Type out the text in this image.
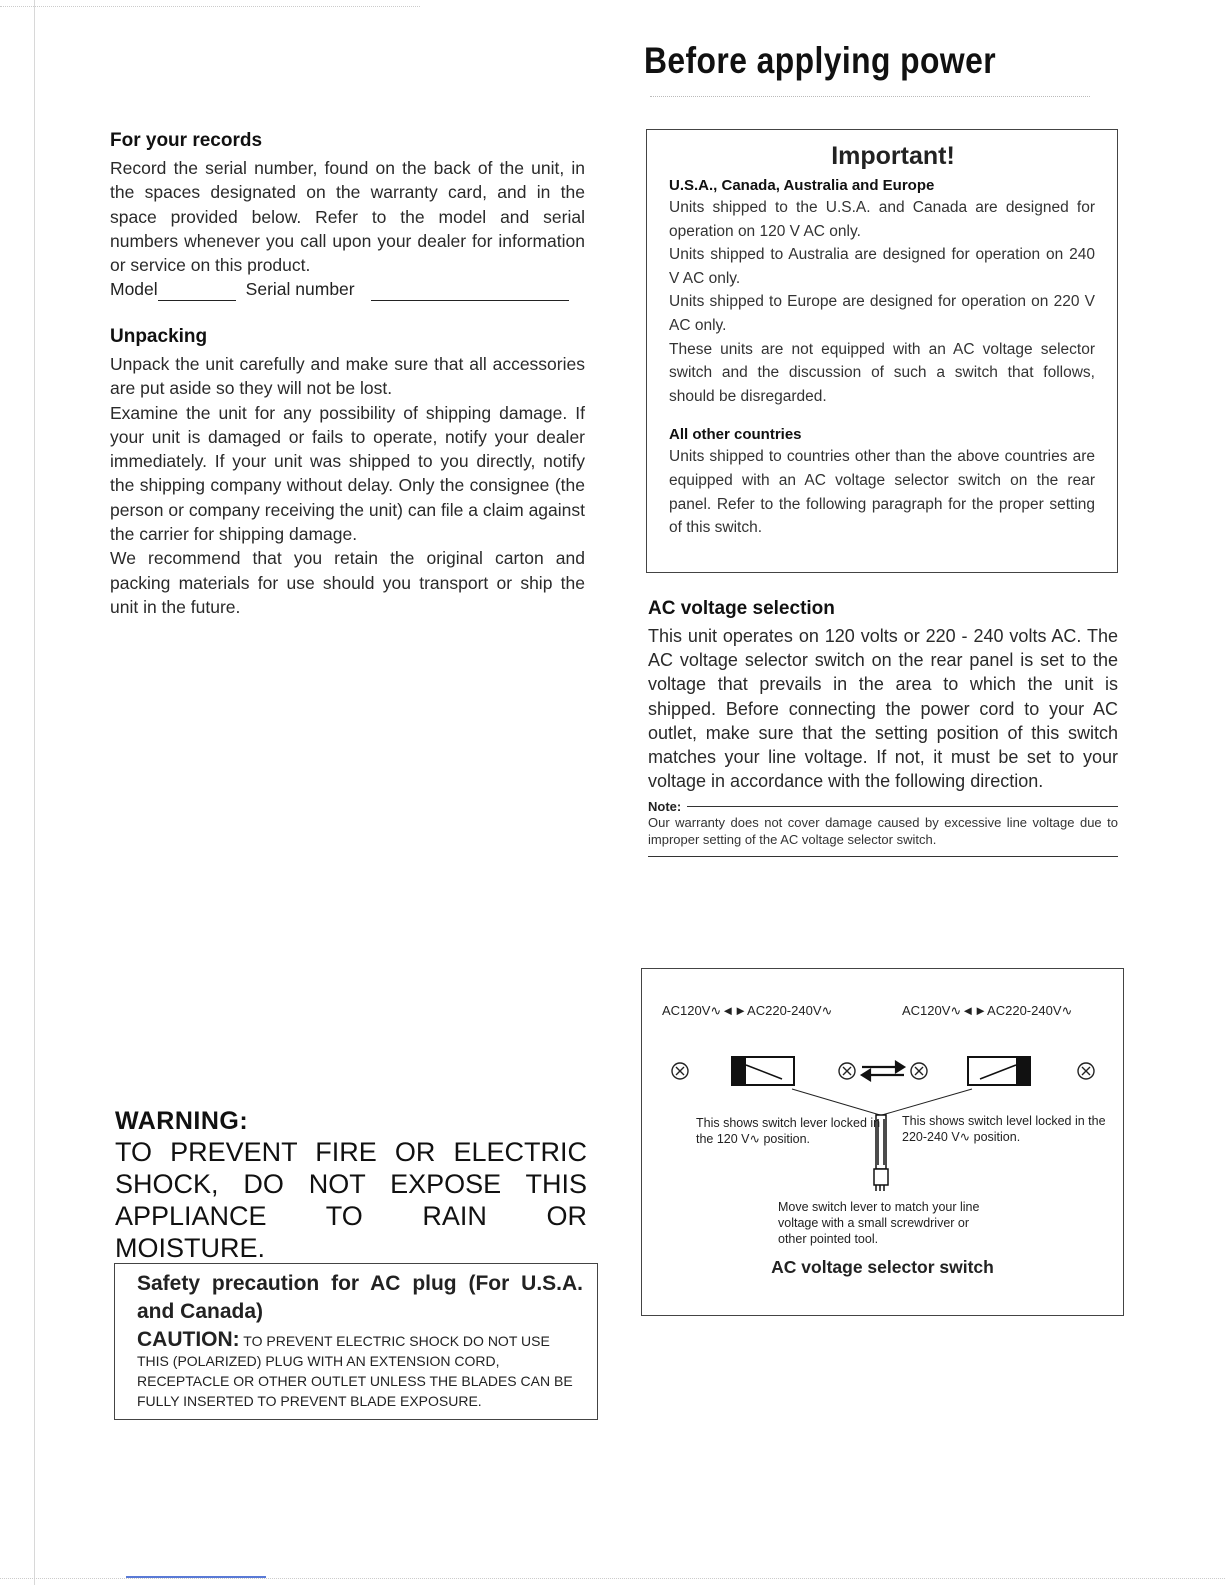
Before applying power
For your records

Record the serial number, found on the back of the unit, in the spaces designated on the warranty card, and in the space provided below. Refer to the model and serial numbers whenever you call upon your dealer for information or service on this product.

Model	Serial number
Unpacking

Unpack the unit carefully and make sure that all accessories are put aside so they will not be lost.

Examine the unit for any possibility of shipping damage. If your unit is damaged or fails to operate, notify your dealer immediately. If your unit was shipped to you directly, notify the shipping company without delay. Only the consignee (the person or company receiving the unit) can file a claim against the carrier for shipping damage.

We recommend that you retain the original carton and packing materials for use should you transport or ship the unit in the future.

WARNING:
TO PREVENT FIRE OR ELECTRIC SHOCK, DO NOT EXPOSE THIS APPLIANCE TO RAIN OR MOISTURE.
Safety precaution for AC plug (For U.S.A. and Canada)
CAUTION: TO PREVENT ELECTRIC SHOCK DO NOT USE THIS (POLARIZED) PLUG WITH AN EXTENSION CORD, RECEPTACLE OR OTHER OUTLET UNLESS THE BLADES CAN BE FULLY INSERTED TO PREVENT BLADE EXPOSURE.
Important!
U.S.A., Canada, Australia and Europe

Units shipped to the U.S.A. and Canada are designed for operation on 120 V AC only.

Units shipped to Australia are designed for operation on 240 V AC only.

Units shipped to Europe are designed for operation on 220 V AC only.

These units are not equipped with an AC voltage selector switch and the discussion of such a switch that follows, should be disregarded.

All other countries

Units shipped to countries other than the above countries are equipped with an AC voltage selector switch on the rear panel. Refer to the following paragraph for the proper setting of this switch.

AC voltage selection

This unit operates on 120 volts or 220 - 240 volts AC. The AC voltage selector switch on the rear panel is set to the voltage that prevails in the area to which the unit is shipped. Before connecting the power cord to your AC outlet, make sure that the setting position of this switch matches your line voltage. If not, it must be set to your voltage in accordance with the following direction.

Note:
Our warranty does not cover damage caused by excessive line voltage due to improper setting of the AC voltage selector switch.
AC120V∿◄►AC220-240V∿	AC120V∿◄►AC220-240V∿
This shows switch lever locked in the 120 V∿ position.
This shows switch level locked in the 220-240 V∿ position.
Move switch lever to match your line voltage with a small screwdriver or other pointed tool.
AC voltage selector switch
